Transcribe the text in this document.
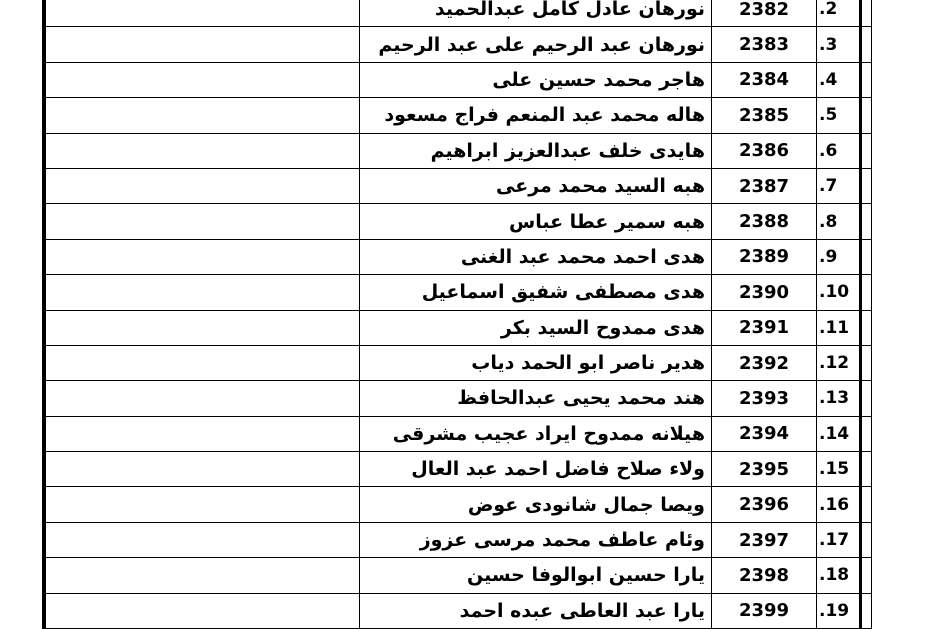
	نورهان عادل كامل عبدالحميد	2382	.2
	نورهان عبد الرحيم على عبد الرحيم	2383	.3
	هاجر محمد حسين على	2384	.4
	هاله محمد عبد المنعم فراج مسعود	2385	.5
	هايدى خلف عبدالعزيز ابراهيم	2386	.6
	هبه السيد محمد مرعى	2387	.7
	هبه سمير عطا عباس	2388	.8
	هدى احمد محمد عبد الغنى	2389	.9
	هدى مصطفى شفيق اسماعيل	2390	.10
	هدى ممدوح السيد بكر	2391	.11
	هدير ناصر ابو الحمد دياب	2392	.12
	هند محمد يحيى عبدالحافظ	2393	.13
	هيلانه ممدوح ايراد عجيب مشرقى	2394	.14
	ولاء صلاح فاضل احمد عبد العال	2395	.15
	ويصا جمال شانودى عوض	2396	.16
	وئام عاطف محمد مرسى عزوز	2397	.17
	يارا حسين ابوالوفا حسين	2398	.18
	يارا عبد العاطى عبده احمد	2399	.19
